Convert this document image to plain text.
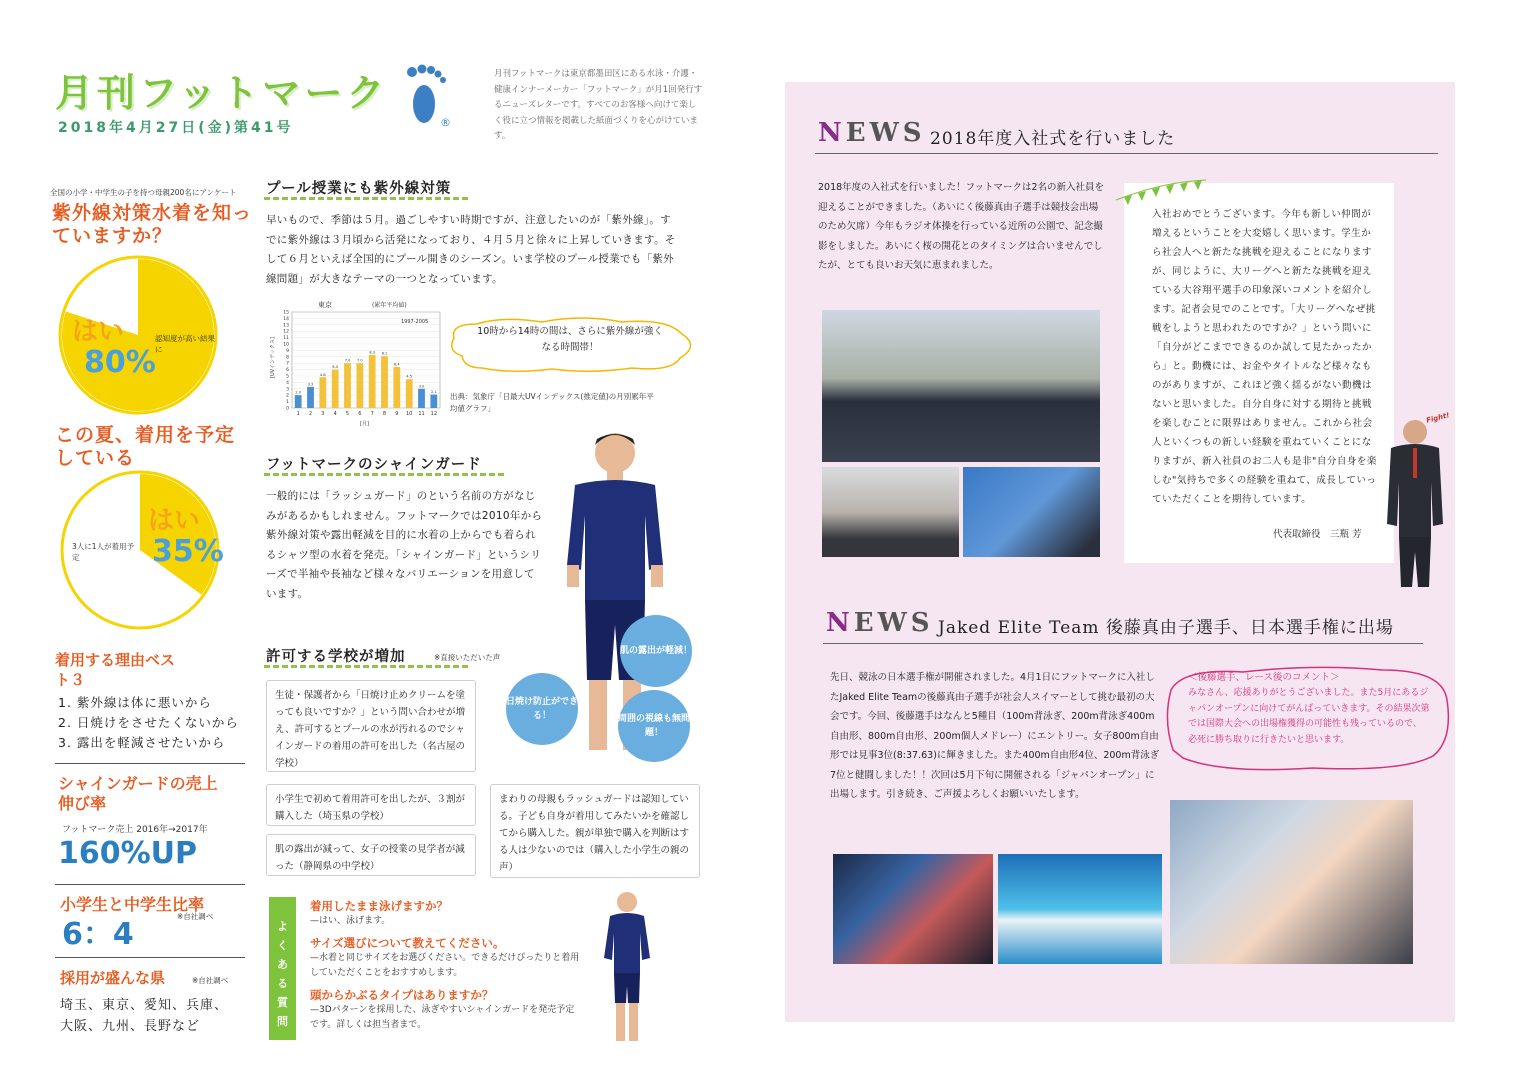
月刊フットマーク
®
2018年4月27日(金)第41号
月刊フットマークは東京都墨田区にある水泳・介護・健康インナーメーカー「フットマーク」が月1回発行するニューズレターです。すべてのお客様へ向けて楽しく役に立つ情報を掲載した紙面づくりを心がけています。
全国の小学・中学生の子を持つ母親200名にアンケート
紫外線対策水着を知っていますか？
はい
80%
認知度が高い結果に
この夏、着用を予定している
はい
35%
3人に1人が着用予定
着用する理由ベスト３
1. 紫外線は体に悪いから
2. 日焼けをさせたくないから
3. 露出を軽減させたいから
シャインガードの売上伸び率
フットマーク売上 2016年→2017年
160%UP
小学生と中学生比率
※自社調べ
6：4
採用が盛んな県	※自社調べ
埼玉、東京、愛知、兵庫、
大阪、九州、長野など
プール授業にも紫外線対策
早いもので、季節は５月。過ごしやすい時期ですが、注意したいのが「紫外線」。すでに紫外線は３月頃から活発になっており、４月５月と徐々に上昇していきます。そして６月といえば全国的にプール開きのシーズン。いま学校のプール授業でも「紫外線問題」が大きなテーマの一つとなっています。
東京	(累年平均値)
[UVインデックス]
1997-2005
2.0
3.3
4.8
6.0
7.0 7.0
8.3 8.1
6.4
4.5
3.0
2.1
1 2 3 4 5 6 7 8 9 10 11 12
0
1
2
3
4
5
6
7
8
9
10
11
12
13
14
15
[月]
10時から14時の間は、さらに紫外線が強くなる時間帯！
出典：気象庁「日最大UVインデックス(推定値)の月別累年平均値グラフ」
フットマークのシャインガード
一般的には「ラッシュガード」のという名前の方がなじみがあるかもしれません。フットマークでは2010年から紫外線対策や露出軽減を目的に水着の上からでも着られるシャツ型の水着を発売。「シャインガード」というシリーズで半袖や長袖など様々なバリエーションを用意しています。
肌の露出が軽減！
日焼け防止ができる！	周囲の視線も無問題！
許可する学校が増加	※直接いただいた声
生徒・保護者から「日焼け止めクリームを塗っても良いですか？」という問い合わせが増え、許可するとプールの水が汚れるのでシャインガードの着用の許可を出した（名古屋の学校）
小学生で初めて着用許可を出したが、３割が購入した（埼玉県の学校）
肌の露出が減って、女子の授業の見学者が減った（静岡県の中学校）
まわりの母親もラッシュガードは認知している。子ども自身が着用してみたいかを確認してから購入した。親が単独で購入を判断はする人は少ないのでは（購入した小学生の親の声）
よくある質問
着用したまま泳げますか？
—はい、泳げます。
サイズ選びについて教えてください。
—水着と同じサイズをお選びください。できるだけぴったりと着用していただくことをおすすめします。
頭からかぶるタイプはありますか？
—3Dパターンを採用した、泳ぎやすいシャインガードを発売予定です。詳しくは担当者まで。
NEWS 2018年度入社式を行いました
2018年度の入社式を行いました！フットマークは2名の新入社員を迎えることができました。（あいにく後藤真由子選手は競技会出場のため欠席）今年もラジオ体操を行っている近所の公園で、記念撮影をしました。あいにく桜の開花とのタイミングは合いませんでしたが、とても良いお天気に恵まれました。
入社おめでとうございます。今年も新しい仲間が増えるということを大変嬉しく思います。学生から社会人へと新たな挑戦を迎えることになりますが、同じように、大リーグへと新たな挑戦を迎えている大谷翔平選手の印象深いコメントを紹介します。記者会見でのことです。「大リーグへなぜ挑戦をしようと思われたのですか？」という問いに「自分がどこまでできるのか試して見たかったから」と。動機には、お金やタイトルなど様々なものがありますが、これほど強く揺るがない動機はないと思いました。自分自身に対する期待と挑戦を楽しむことに限界はありません。これから社会人といくつもの新しい経験を重ねていくことになりますが、新入社員のお二人も是非"自分自身を楽しむ"気持ちで多くの経験を重ねて、成長していっていただくことを期待しています。
代表取締役　三瓶 芳
Fight!
NEWS Jaked Elite Team 後藤真由子選手、日本選手権に出場
先日、競泳の日本選手権が開催されました。4月1日にフットマークに入社したJaked Elite Teamの後藤真由子選手が社会人スイマーとして挑む最初の大会です。今回、後藤選手はなんと5種目（100m背泳ぎ、200m背泳ぎ400m自由形、800m自由形、200m個人メドレー）にエントリー。女子800m自由形では見事3位(8:37.63)に輝きました。また400m自由形4位、200m背泳ぎ7位と健闘しました！！次回は5月下旬に開催される「ジャパンオープン」に出場します。引き続き、ご声援よろしくお願いいたします。
＜後藤選手、レース後のコメント＞
みなさん、応援ありがとうございました。また5月にあるジャパンオープンに向けてがんばっていきます。その結果次第では国際大会への出場権獲得の可能性も残っているので、必死に勝ち取りに行きたいと思います。
